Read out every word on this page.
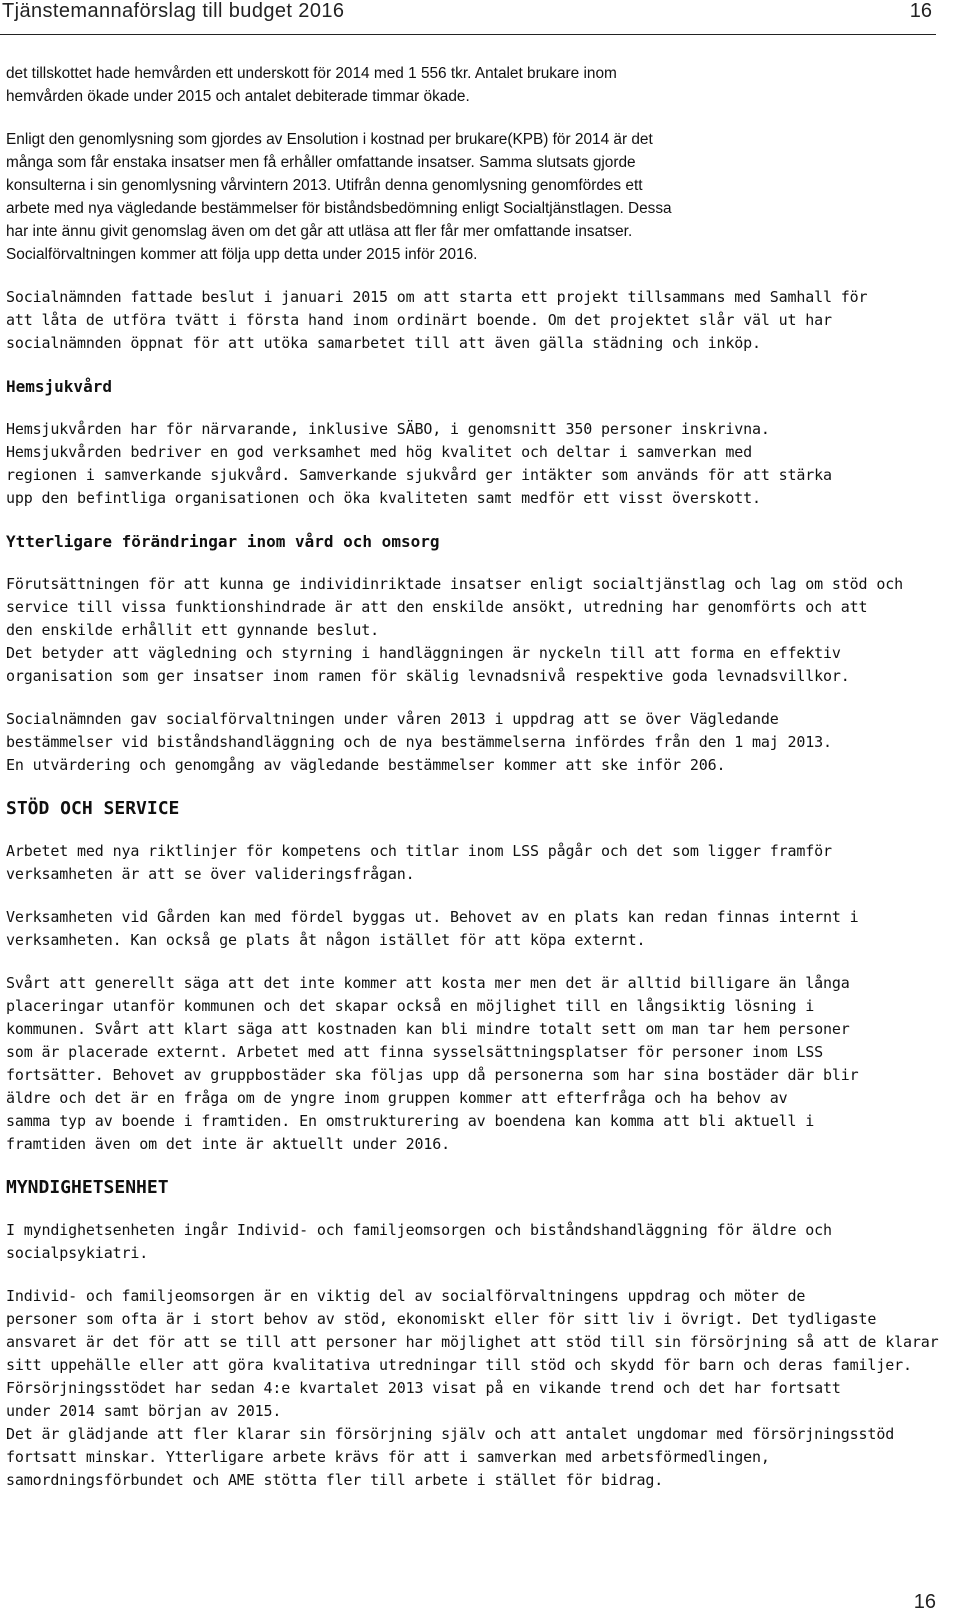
Tjänstemannaförslag till budget 2016	16

det tillskottet hade hemvården ett underskott för 2014 med 1 556 tkr. Antalet brukare inom
hemvården ökade under 2015 och antalet debiterade timmar ökade.

Enligt den genomlysning som gjordes av Ensolution i kostnad per brukare(KPB) för 2014 är det
många som får enstaka insatser men få erhåller omfattande insatser. Samma slutsats gjorde
konsulterna i sin genomlysning vårvintern 2013. Utifrån denna genomlysning genomfördes ett
arbete med nya vägledande bestämmelser för biståndsbedömning enligt Socialtjänstlagen. Dessa
har inte ännu givit genomslag även om det går att utläsa att fler får mer omfattande insatser.
Socialförvaltningen kommer att följa upp detta under 2015 inför 2016.

Socialnämnden fattade beslut i januari 2015 om att starta ett projekt tillsammans med Samhall för
att låta de utföra tvätt i första hand inom ordinärt boende. Om det projektet slår väl ut har
socialnämnden öppnat för att utöka samarbetet till att även gälla städning och inköp.

Hemsjukvård

Hemsjukvården har för närvarande, inklusive SÄBO, i genomsnitt 350 personer inskrivna.
Hemsjukvården bedriver en god verksamhet med hög kvalitet och deltar i samverkan med
regionen i samverkande sjukvård. Samverkande sjukvård ger intäkter som används för att stärka
upp den befintliga organisationen och öka kvaliteten samt medför ett visst överskott.

Ytterligare förändringar inom vård och omsorg

Förutsättningen för att kunna ge individinriktade insatser enligt socialtjänstlag och lag om stöd och
service till vissa funktionshindrade är att den enskilde ansökt, utredning har genomförts och att
den enskilde erhållit ett gynnande beslut.

Det betyder att vägledning och styrning i handläggningen är nyckeln till att forma en effektiv
organisation som ger insatser inom ramen för skälig levnadsnivå respektive goda levnadsvillkor.

Socialnämnden gav socialförvaltningen under våren 2013 i uppdrag att se över Vägledande
bestämmelser vid biståndshandläggning och de nya bestämmelserna infördes från den 1 maj 2013.
En utvärdering och genomgång av vägledande bestämmelser kommer att ske inför 206.

STÖD OCH SERVICE

Arbetet med nya riktlinjer för kompetens och titlar inom LSS pågår och det som ligger framför
verksamheten är att se över valideringsfrågan.

Verksamheten vid Gården kan med fördel byggas ut. Behovet av en plats kan redan finnas internt i
verksamheten. Kan också ge plats åt någon istället för att köpa externt.

Svårt att generellt säga att det inte kommer att kosta mer men det är alltid billigare än långa
placeringar utanför kommunen och det skapar också en möjlighet till en långsiktig lösning i
kommunen. Svårt att klart säga att kostnaden kan bli mindre totalt sett om man tar hem personer
som är placerade externt. Arbetet med att finna sysselsättningsplatser för personer inom LSS
fortsätter. Behovet av gruppbostäder ska följas upp då personerna som har sina bostäder där blir
äldre och det är en fråga om de yngre inom gruppen kommer att efterfråga och ha behov av
samma typ av boende i framtiden. En omstrukturering av boendena kan komma att bli aktuell i
framtiden även om det inte är aktuellt under 2016.

MYNDIGHETSENHET

I myndighetsenheten ingår Individ- och familjeomsorgen och biståndshandläggning för äldre och
socialpsykiatri.

Individ- och familjeomsorgen är en viktig del av socialförvaltningens uppdrag och möter de
personer som ofta är i stort behov av stöd, ekonomiskt eller för sitt liv i övrigt. Det tydligaste
ansvaret är det för att se till att personer har möjlighet att stöd till sin försörjning så att de klarar
sitt uppehälle eller att göra kvalitativa utredningar till stöd och skydd för barn och deras familjer.
Försörjningsstödet har sedan 4:e kvartalet 2013 visat på en vikande trend och det har fortsatt
under 2014 samt början av 2015.

Det är glädjande att fler klarar sin försörjning själv och att antalet ungdomar med försörjningsstöd
fortsatt minskar. Ytterligare arbete krävs för att i samverkan med arbetsförmedlingen,
samordningsförbundet och AME stötta fler till arbete i stället för bidrag.

16
